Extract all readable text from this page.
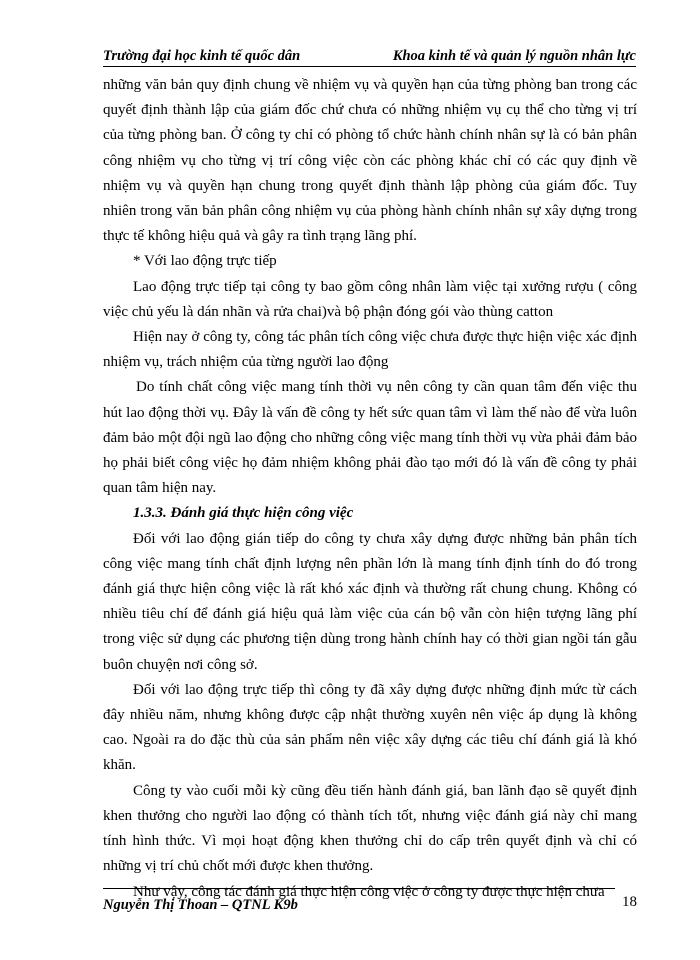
Trường đại học kinh tế quốc dân	Khoa kinh tế và quản lý nguồn nhân lực

những văn bản quy định chung về nhiệm vụ và quyền hạn của từng phòng ban trong các quyết định thành lập của giám đốc chứ chưa có những nhiệm vụ cụ thể cho từng vị trí của từng phòng ban. Ở công ty chỉ có phòng tổ chức hành chính nhân sự là có bản phân công nhiệm vụ cho từng vị trí công việc còn các phòng khác chỉ có các quy định về nhiệm vụ và quyền hạn chung trong quyết định thành lập phòng của giám đốc. Tuy nhiên trong văn bản phân công nhiệm vụ của phòng hành chính nhân sự xây dựng trong thực tế không hiệu quả và gây ra tình trạng lãng phí.

* Với lao động trực tiếp

Lao động trực tiếp tại công ty bao gồm công nhân làm việc tại xưởng rượu ( công việc chủ yếu là dán nhãn và rửa chai)và bộ phận đóng gói vào thùng catton

Hiện nay ở công ty, công tác phân tích công việc chưa được thực hiện việc xác định nhiệm vụ, trách nhiệm của từng người lao động

Do tính chất công việc mang tính thời vụ nên công ty cần quan tâm đến việc thu hút lao động thời vụ. Đây là vấn đề công ty hết sức quan tâm vì làm thế nào để vừa luôn đảm bảo một đội ngũ lao động cho những công việc mang tính thời vụ vừa phải đảm bảo họ phải biết công việc họ đảm nhiệm không phải đào tạo mới đó là vấn đề công ty phải quan tâm hiện nay.

1.3.3. Đánh giá thực hiện công việc

Đối với lao động gián tiếp do công ty chưa xây dựng được những bản phân tích công việc mang tính chất định lượng nên phần lớn là mang tính định tính do đó trong đánh giá thực hiện công việc là rất khó xác định và thường rất chung chung. Không có nhiều tiêu chí để đánh giá hiệu quả làm việc của cán bộ vẫn còn hiện tượng lãng phí trong việc sử dụng các phương tiện dùng trong hành chính hay có thời gian ngồi tán gẫu buôn chuyện nơi công sở.

Đối với lao động trực tiếp thì công ty đã xây dựng được những định mức từ cách đây nhiều năm, nhưng không được cập nhật thường xuyên nên việc áp dụng là không cao. Ngoài ra do đặc thù của sản phẩm nên việc xây dựng các tiêu chí đánh giá là khó khăn.

Công ty vào cuối mỗi kỳ cũng đều tiến hành đánh giá, ban lãnh đạo sẽ quyết định khen thưởng cho người lao động có thành tích tốt, nhưng việc đánh giá này chỉ mang tính hình thức. Vì mọi hoạt động khen thưởng chỉ do cấp trên quyết định và chỉ có những vị trí chủ chốt mới được khen thưởng.

Như vậy, công tác đánh giá thực hiện công việc ở công ty được thực hiện chưa

Nguyễn Thị Thoan – QTNL K9b	18
